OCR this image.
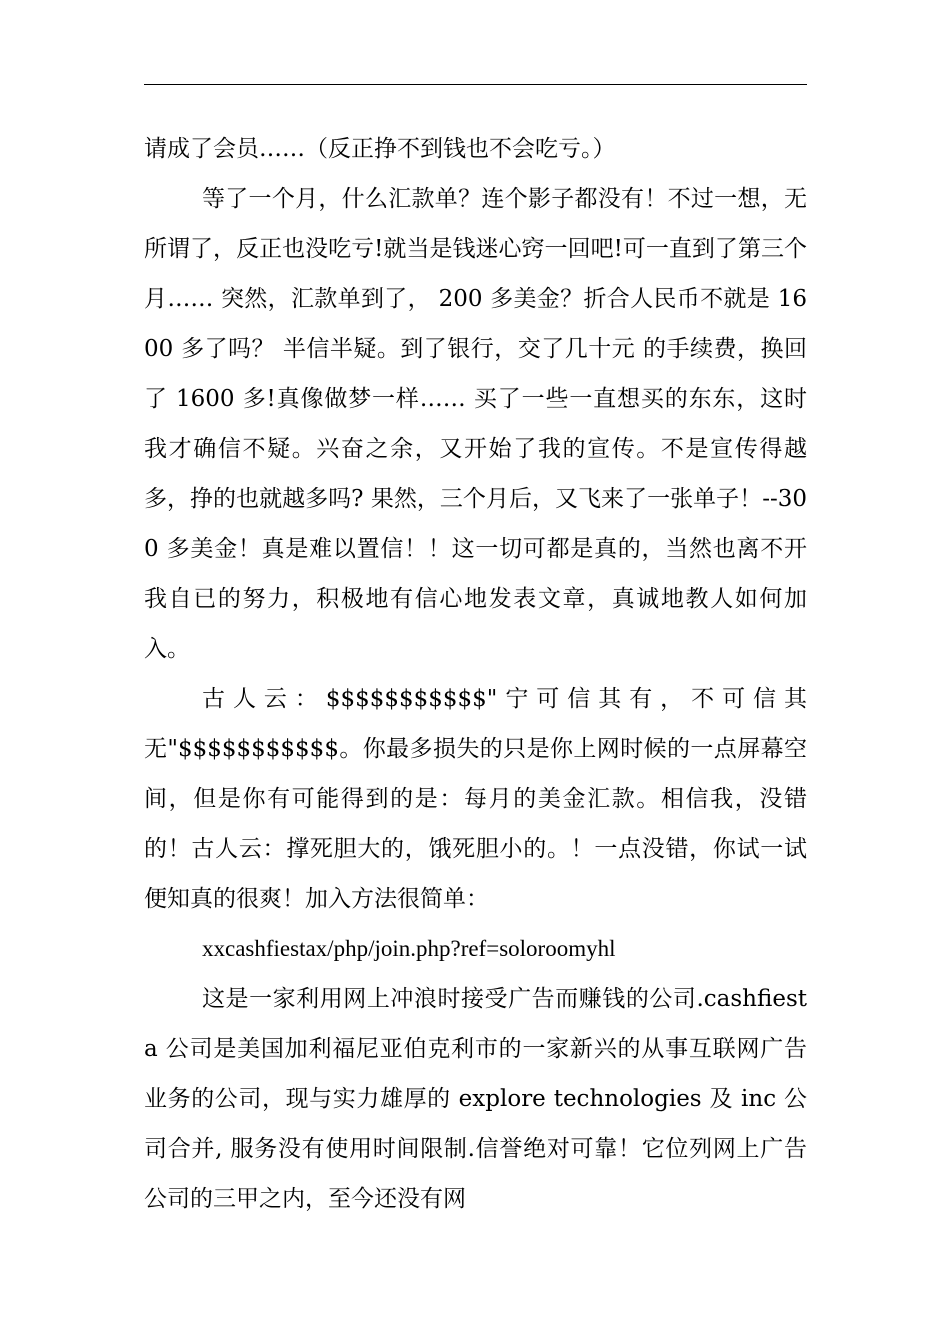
请成了会员……（反正挣不到钱也不会吃亏。）

等了一个月，什么汇款单？连个影子都没有！不过一想，无所谓了，反正也没吃亏!就当是钱迷心窍一回吧!可一直到了第三个月…… 突然，汇款单到了， 200 多美金？折合人民币不就是 1600 多了吗？ 半信半疑。到了银行，交了几十元 的手续费，换回了 1600 多!真像做梦一样…… 买了一些一直想买的东东，这时我才确信不疑。兴奋之余，又开始了我的宣传。不是宣传得越多，挣的也就越多吗? 果然，三个月后，又飞来了一张单子！--300 多美金！真是难以置信！！这一切可都是真的，当然也离不开我自已的努力，积极地有信心地发表文章，真诚地教人如何加入。

古人云：$$$$$$$$$$$"宁可信其有，不可信其无"$$$$$$$$$$$。你最多损失的只是你上网时候的一点屏幕空间，但是你有可能得到的是：每月的美金汇款。相信我，没错的！古人云：撑死胆大的，饿死胆小的。！一点没错，你试一试便知真的很爽！加入方法很简单：

xxcashfiestax/php/join.php?ref=soloroomyhl

这是一家利用网上冲浪时接受广告而赚钱的公司.cashfiesta 公司是美国加利福尼亚伯克利市的一家新兴的从事互联网广告业务的公司，现与实力雄厚的 explore technologies 及 inc 公司合并, 服务没有使用时间限制.信誉绝对可靠！它位列网上广告公司的三甲之内，至今还没有网
